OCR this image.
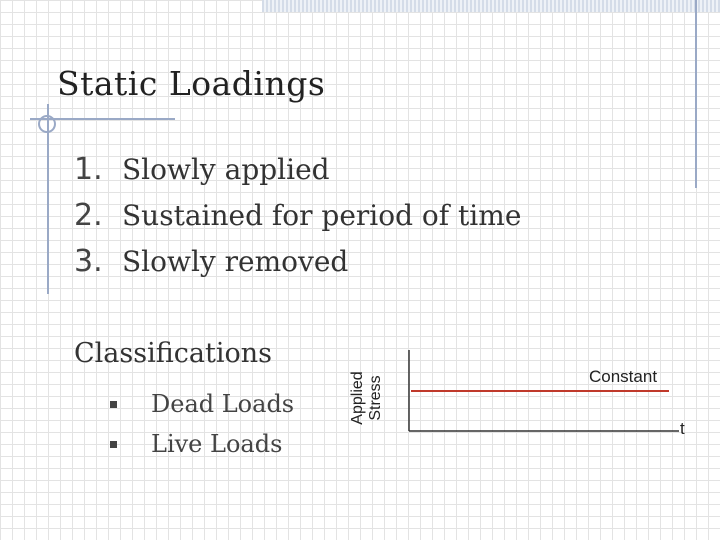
Static Loadings
1. Slowly applied
2. Sustained for period of time
3. Slowly removed
Classifications
Dead Loads
Live Loads
Applied Stress	Constant
t
